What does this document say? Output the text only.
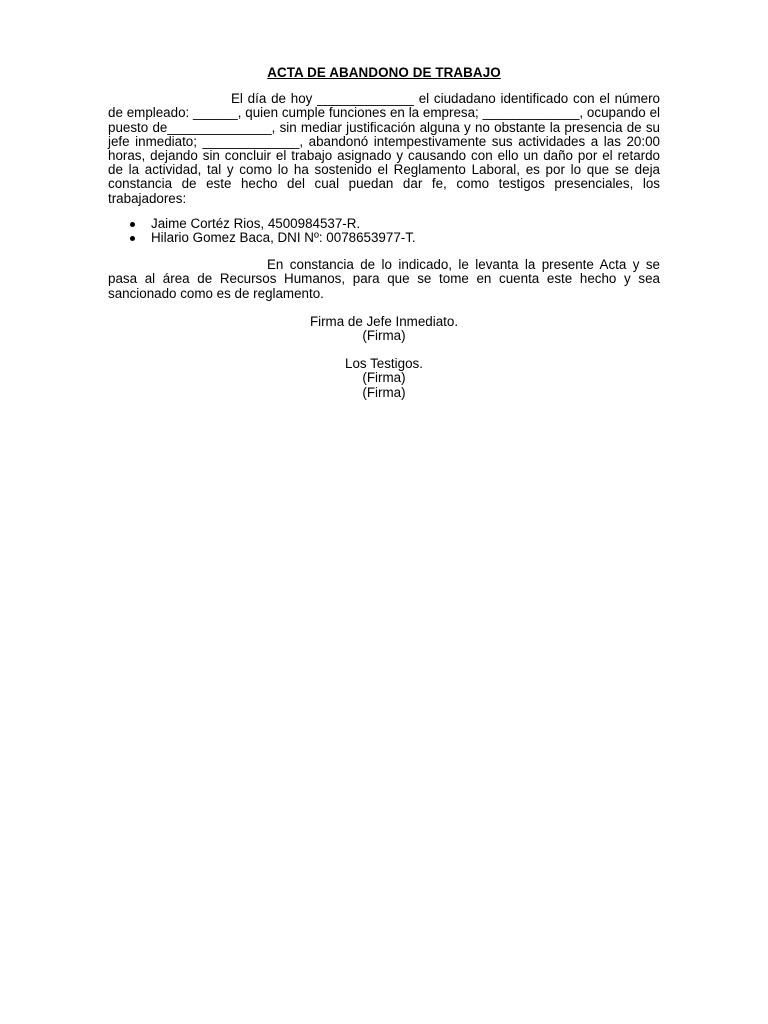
ACTA DE ABANDONO DE TRABAJO

El día de hoy _____________ el ciudadano identificado con el número de empleado: ______, quien cumple funciones en la empresa; _____________, ocupando el puesto de______________, sin mediar justificación alguna y no obstante la presencia de su jefe inmediato; _____________, abandonó intempestivamente sus actividades a las 20:00 horas, dejando sin concluir el trabajo asignado y causando con ello un daño por el retardo de la actividad, tal y como lo ha sostenido el Reglamento Laboral, es por lo que se deja constancia de este hecho del cual puedan dar fe, como testigos presenciales, los trabajadores:

Jaime Cortéz Rios, 4500984537-R.
Hilario Gomez Baca, DNI Nº: 0078653977-T.

En constancia de lo indicado, le levanta la presente Acta y se pasa al área de Recursos Humanos, para que se tome en cuenta este hecho y sea sancionado como es de reglamento.

Firma de Jefe Inmediato.
(Firma)
Los Testigos.
(Firma)
(Firma)
